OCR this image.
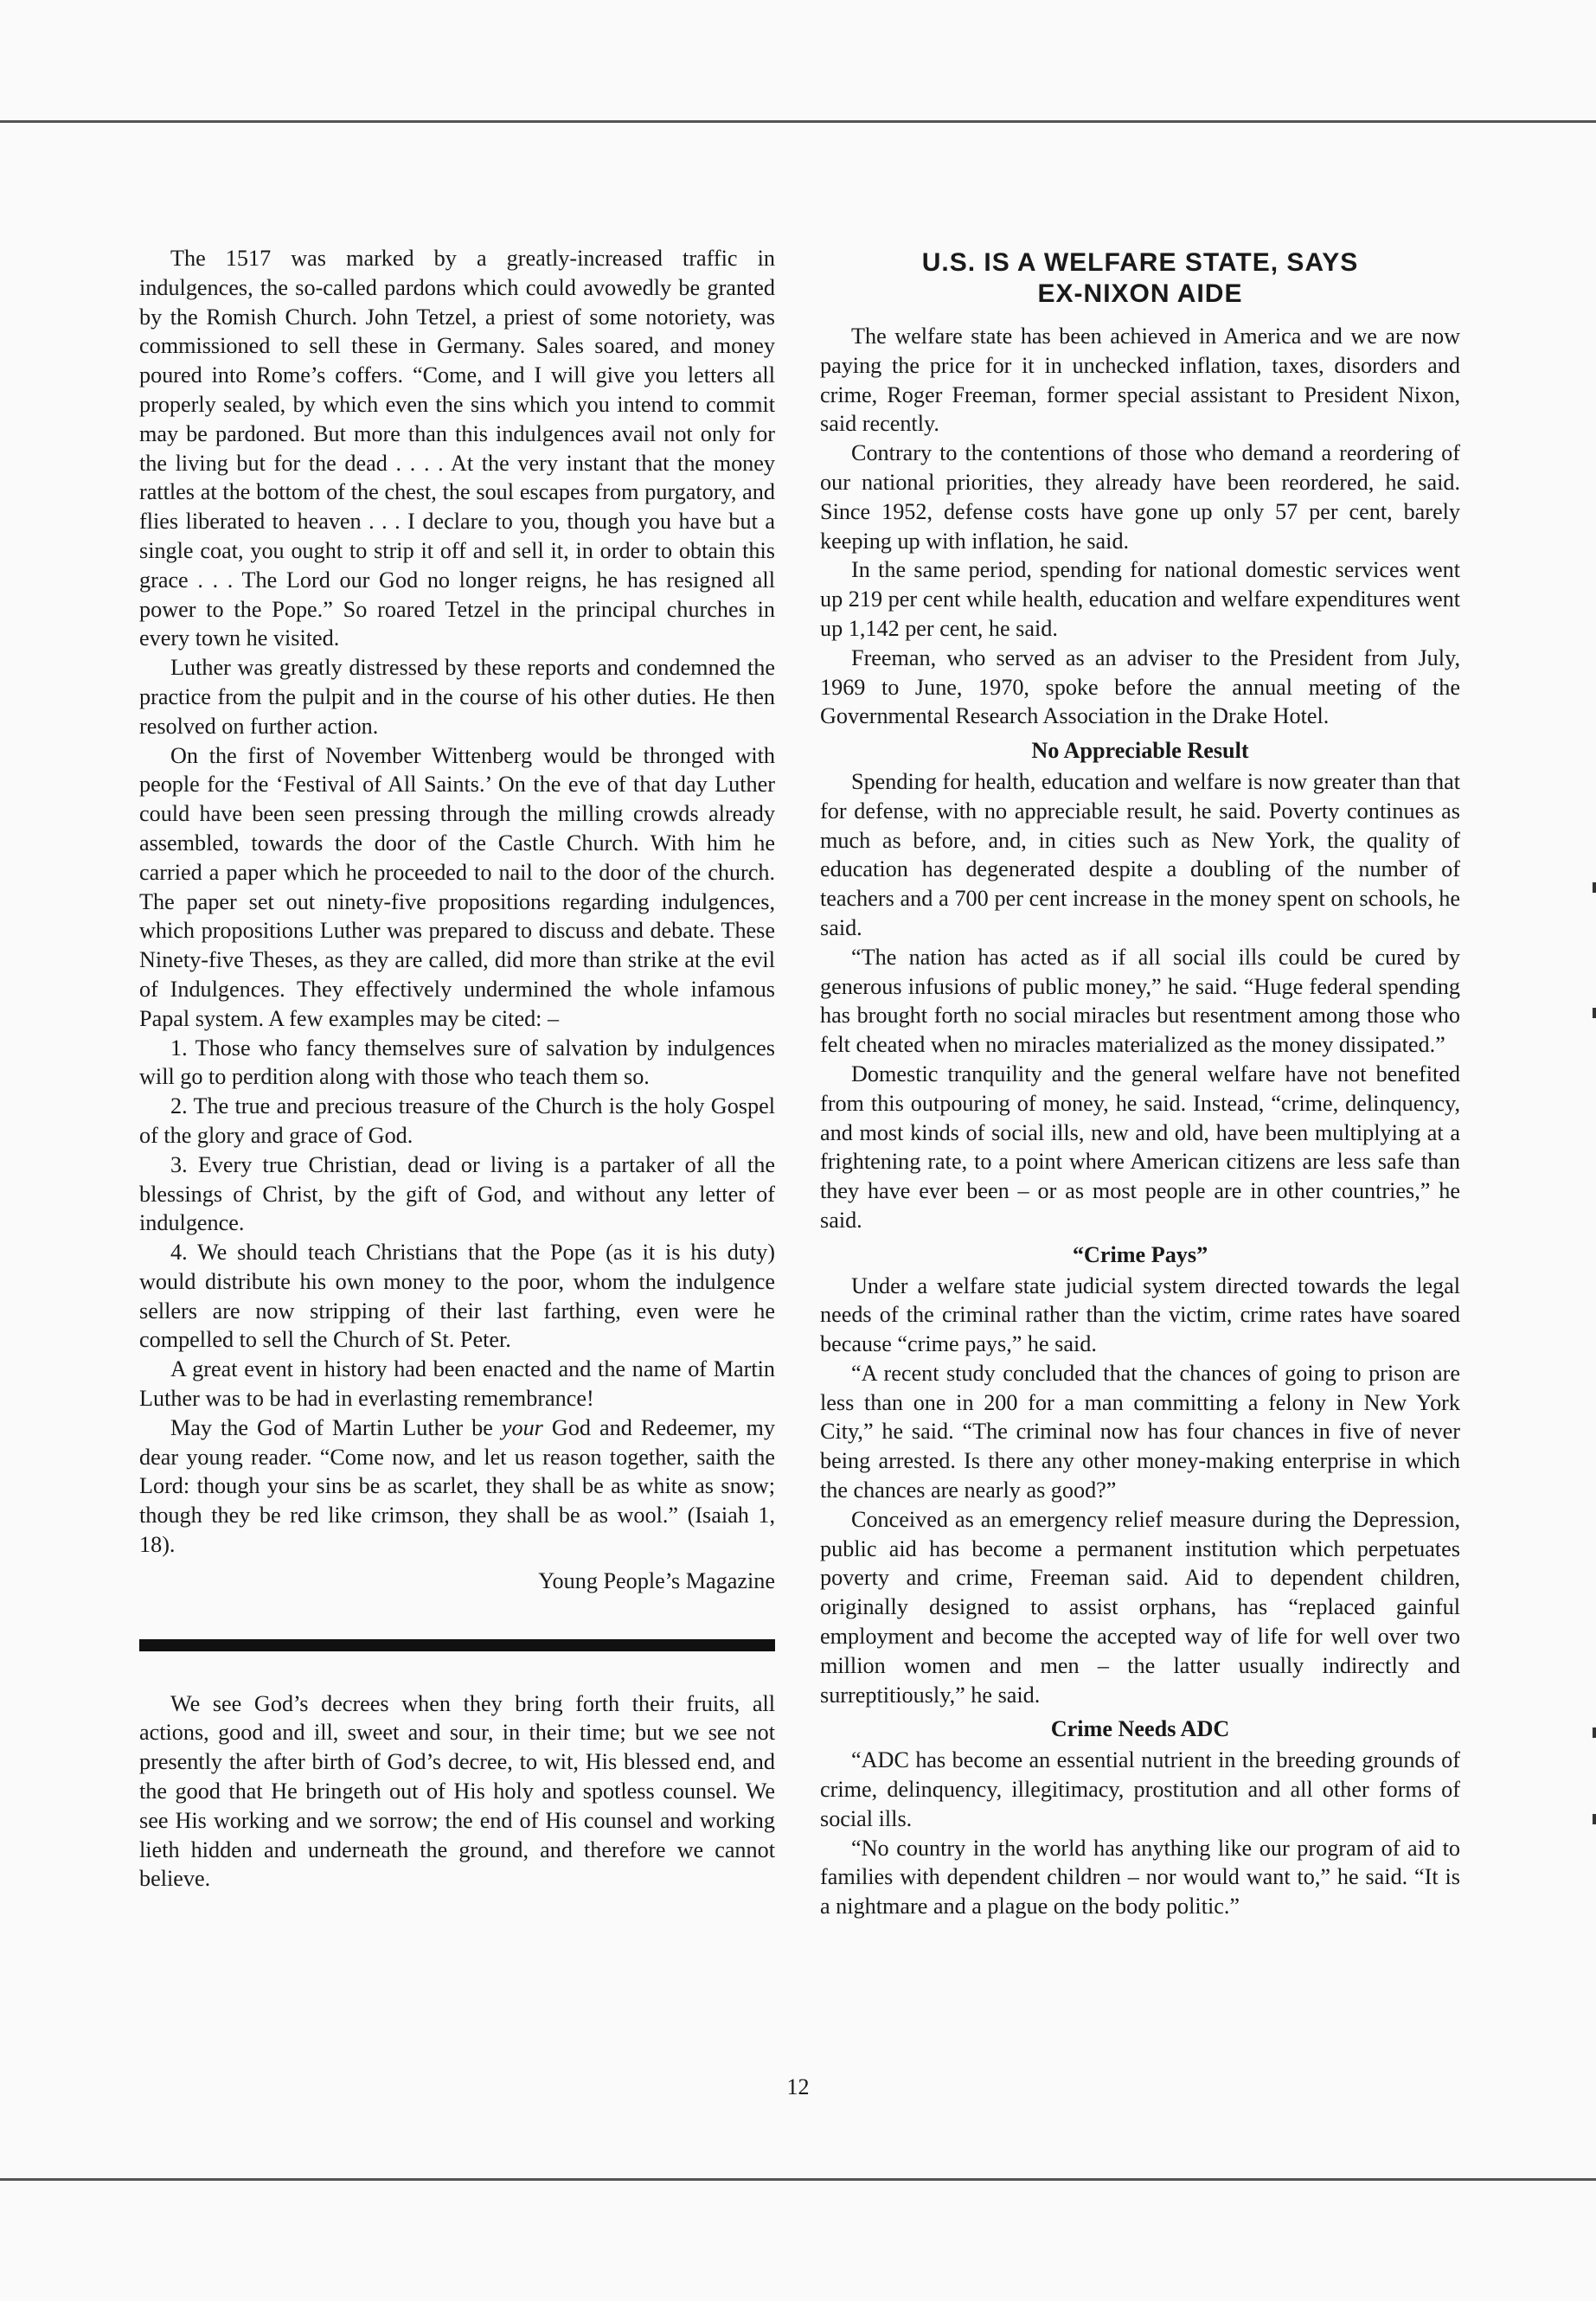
The 1517 was marked by a greatly-increased traffic in indulgences, the so-called pardons which could avowedly be granted by the Romish Church. John Tetzel, a priest of some notoriety, was commissioned to sell these in Germany. Sales soared, and money poured into Rome’s coffers. “Come, and I will give you letters all properly sealed, by which even the sins which you intend to commit may be pardoned. But more than this indulgences avail not only for the living but for the dead . . . . At the very instant that the money rattles at the bottom of the chest, the soul escapes from purgatory, and flies liberated to heaven . . . I declare to you, though you have but a single coat, you ought to strip it off and sell it, in order to obtain this grace . . . The Lord our God no longer reigns, he has resigned all power to the Pope.” So roared Tetzel in the principal churches in every town he visited.

Luther was greatly distressed by these reports and condemned the practice from the pulpit and in the course of his other duties. He then resolved on further action.

On the first of November Wittenberg would be thronged with people for the ‘Festival of All Saints.’ On the eve of that day Luther could have been seen pressing through the milling crowds already assembled, towards the door of the Castle Church. With him he carried a paper which he proceeded to nail to the door of the church. The paper set out ninety-five propositions regarding indulgences, which propositions Luther was prepared to discuss and debate. These Ninety-five Theses, as they are called, did more than strike at the evil of Indulgences. They effectively undermined the whole infamous Papal system. A few examples may be cited: –

1. Those who fancy themselves sure of salvation by indulgences will go to perdition along with those who teach them so.

2. The true and precious treasure of the Church is the holy Gospel of the glory and grace of God.

3. Every true Christian, dead or living is a partaker of all the blessings of Christ, by the gift of God, and without any letter of indulgence.

4. We should teach Christians that the Pope (as it is his duty) would distribute his own money to the poor, whom the indulgence sellers are now stripping of their last farthing, even were he compelled to sell the Church of St. Peter.

A great event in history had been enacted and the name of Martin Luther was to be had in everlasting remembrance!

May the God of Martin Luther be your God and Redeemer, my dear young reader. “Come now, and let us reason together, saith the Lord: though your sins be as scarlet, they shall be as white as snow; though they be red like crimson, they shall be as wool.” (Isaiah 1, 18).

Young People’s Magazine

We see God’s decrees when they bring forth their fruits, all actions, good and ill, sweet and sour, in their time; but we see not presently the after birth of God’s decree, to wit, His blessed end, and the good that He bringeth out of His holy and spotless counsel. We see His working and we sorrow; the end of His counsel and working lieth hidden and underneath the ground, and therefore we cannot believe.

U.S. IS A WELFARE STATE, SAYS
EX-NIXON AIDE

The welfare state has been achieved in America and we are now paying the price for it in unchecked inflation, taxes, disorders and crime, Roger Freeman, former special assistant to President Nixon, said recently.

Contrary to the contentions of those who demand a reordering of our national priorities, they already have been reordered, he said. Since 1952, defense costs have gone up only 57 per cent, barely keeping up with inflation, he said.

In the same period, spending for national domestic services went up 219 per cent while health, education and welfare expenditures went up 1,142 per cent, he said.

Freeman, who served as an adviser to the President from July, 1969 to June, 1970, spoke before the annual meeting of the Governmental Research Association in the Drake Hotel.

No Appreciable Result

Spending for health, education and welfare is now greater than that for defense, with no appreciable result, he said. Poverty continues as much as before, and, in cities such as New York, the quality of education has degenerated despite a doubling of the number of teachers and a 700 per cent increase in the money spent on schools, he said.

“The nation has acted as if all social ills could be cured by generous infusions of public money,” he said. “Huge federal spending has brought forth no social miracles but resentment among those who felt cheated when no miracles materialized as the money dissipated.”

Domestic tranquility and the general welfare have not benefited from this outpouring of money, he said. Instead, “crime, delinquency, and most kinds of social ills, new and old, have been multiplying at a frightening rate, to a point where American citizens are less safe than they have ever been – or as most people are in other countries,” he said.

“Crime Pays”

Under a welfare state judicial system directed towards the legal needs of the criminal rather than the victim, crime rates have soared because “crime pays,” he said.

“A recent study concluded that the chances of going to prison are less than one in 200 for a man committing a felony in New York City,” he said. “The criminal now has four chances in five of never being arrested. Is there any other money-making enterprise in which the chances are nearly as good?”

Conceived as an emergency relief measure during the Depression, public aid has become a permanent institution which perpetuates poverty and crime, Freeman said. Aid to dependent children, originally designed to assist orphans, has “replaced gainful employment and become the accepted way of life for well over two million women and men – the latter usually indirectly and surreptitiously,” he said.

Crime Needs ADC

“ADC has become an essential nutrient in the breeding grounds of crime, delinquency, illegitimacy, prostitution and all other forms of social ills.

“No country in the world has anything like our program of aid to families with dependent children – nor would want to,” he said. “It is a nightmare and a plague on the body politic.”

12
